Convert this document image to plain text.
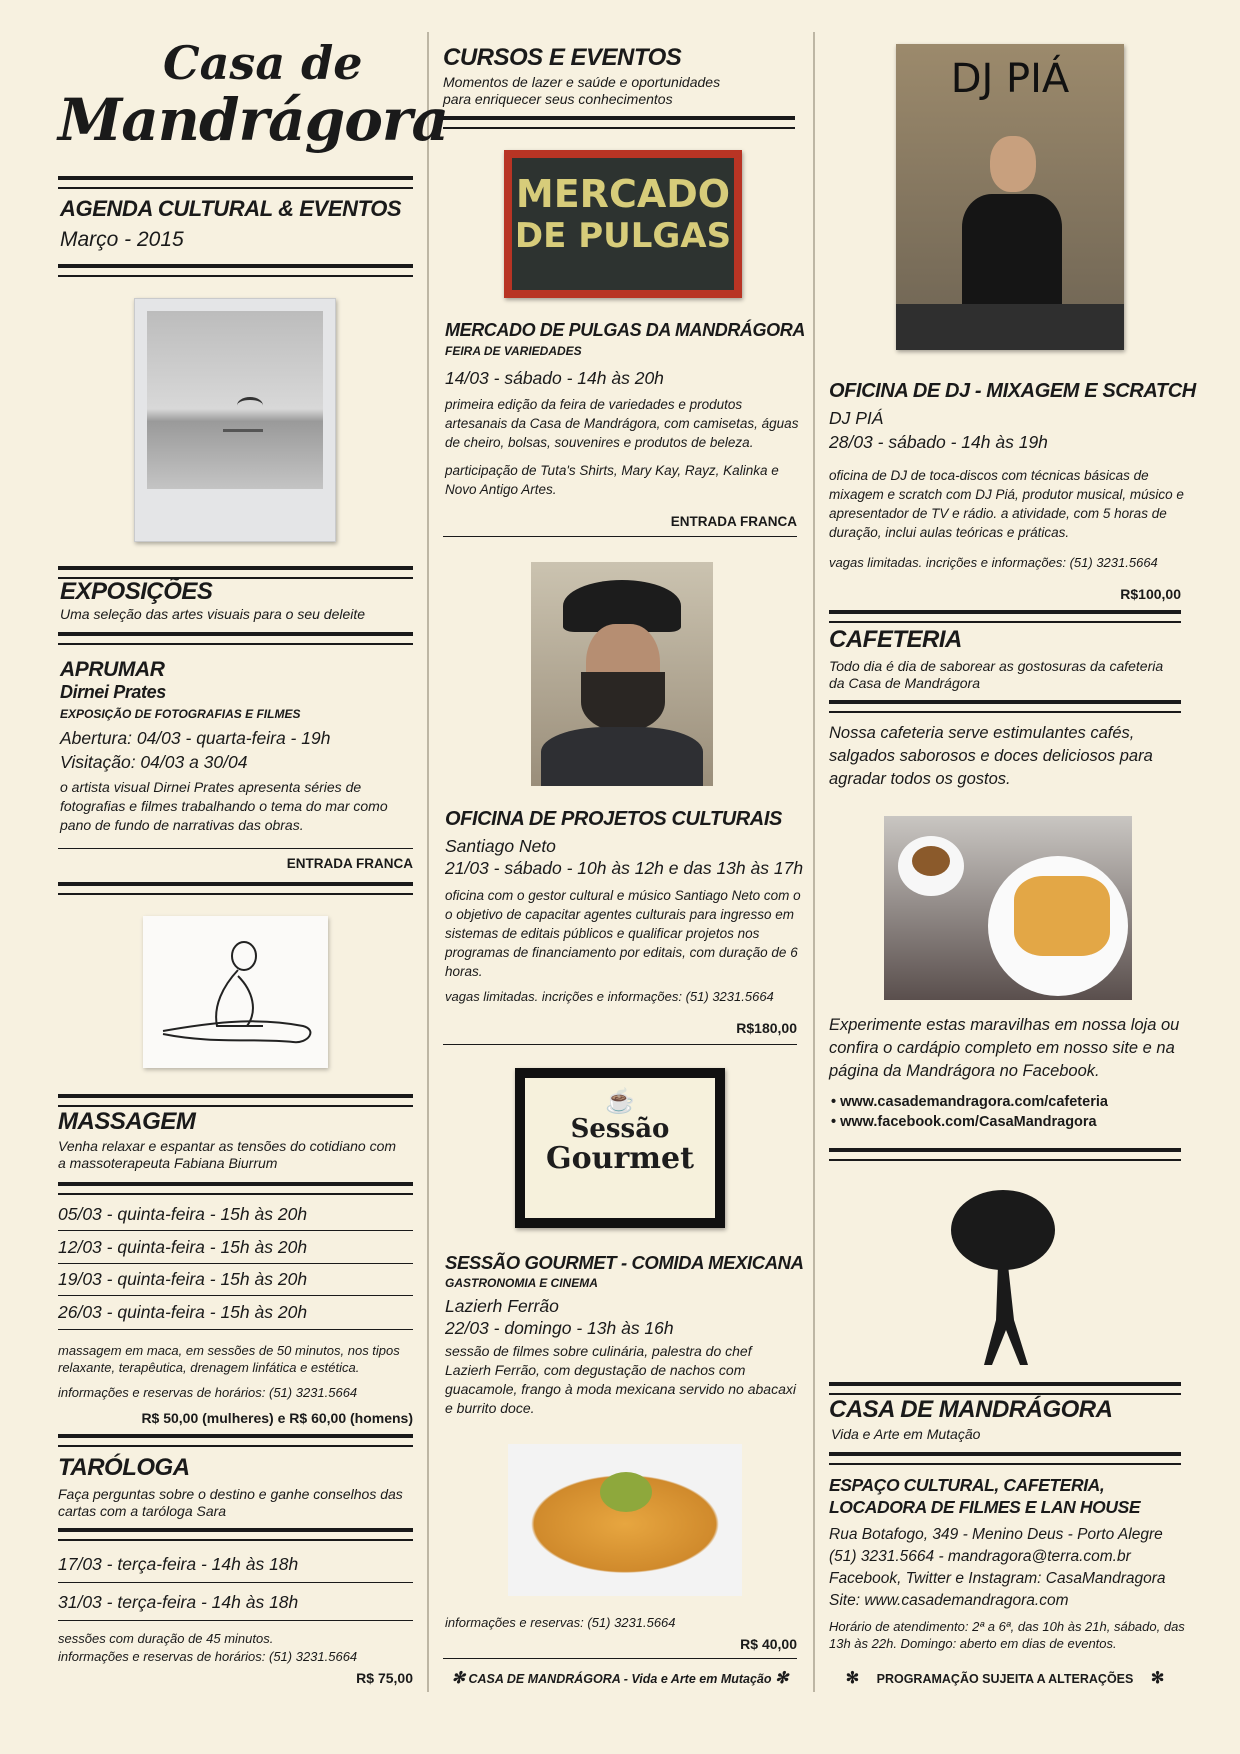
Casa de
Mandrágora
AGENDA CULTURAL & EVENTOS
Março - 2015
EXPOSIÇÕES
Uma seleção das artes visuais para o seu deleite
APRUMAR
Dirnei Prates
EXPOSIÇÃO DE FOTOGRAFIAS E FILMES
Abertura: 04/03 - quarta-feira - 19h
Visitação: 04/03 a 30/04
o artista visual Dirnei Prates apresenta séries de fotografias e filmes trabalhando o tema do mar como pano de fundo de narrativas das obras.
ENTRADA FRANCA
MASSAGEM
Venha relaxar e espantar as tensões do cotidiano com a massoterapeuta Fabiana Biurrum
05/03 - quinta-feira - 15h às 20h
12/03 - quinta-feira - 15h às 20h
19/03 - quinta-feira - 15h às 20h
26/03 - quinta-feira - 15h às 20h
massagem em maca, em sessões de 50 minutos, nos tipos relaxante, terapêutica, drenagem linfática e estética.
informações e reservas de horários: (51) 3231.5664
R$ 50,00 (mulheres) e R$ 60,00 (homens)
TARÓLOGA
Faça perguntas sobre o destino e ganhe conselhos das cartas com a taróloga Sara
17/03 - terça-feira - 14h às 18h
31/03 - terça-feira - 14h às 18h
sessões com duração de 45 minutos.
informações e reservas de horários: (51) 3231.5664
R$ 75,00
CURSOS E EVENTOS
Momentos de lazer e saúde e oportunidades para enriquecer seus conhecimentos
MERCADO
DE PULGAS
MERCADO DE PULGAS DA MANDRÁGORA
FEIRA DE VARIEDADES
14/03 - sábado - 14h às 20h
primeira edição da feira de variedades e produtos artesanais da Casa de Mandrágora, com camisetas, águas de cheiro, bolsas, souvenires e produtos de beleza.
participação de Tuta's Shirts, Mary Kay, Rayz, Kalinka e Novo Antigo Artes.
ENTRADA FRANCA
OFICINA DE PROJETOS CULTURAIS
Santiago Neto
21/03 - sábado - 10h às 12h e das 13h às 17h
oficina com o gestor cultural e músico Santiago Neto com o o objetivo de capacitar agentes culturais para ingresso em sistemas de editais públicos e qualificar projetos nos programas de financiamento por editais, com duração de 6 horas.
vagas limitadas. incrições e informações: (51) 3231.5664
R$180,00
☕
Sessão
Gourmet
SESSÃO GOURMET - COMIDA MEXICANA
GASTRONOMIA E CINEMA
Lazierh Ferrão
22/03 - domingo - 13h às 16h
sessão de filmes sobre culinária, palestra do chef Lazierh Ferrão, com degustação de nachos com guacamole, frango à moda mexicana servido no abacaxi e burrito doce.
informações e reservas: (51) 3231.5664
R$ 40,00
✻ CASA DE MANDRÁGORA - Vida e Arte em Mutação ✻
DJ PIÁ
OFICINA DE DJ - MIXAGEM E SCRATCH
DJ PIÁ
28/03 - sábado - 14h às 19h
oficina de DJ de toca-discos com técnicas básicas de mixagem e scratch com DJ Piá, produtor musical, músico e apresentador de TV e rádio. a atividade, com 5 horas de duração, inclui aulas teóricas e práticas.
vagas limitadas. incrições e informações: (51) 3231.5664
R$100,00
CAFETERIA
Todo dia é dia de saborear as gostosuras da cafeteria da Casa de Mandrágora
Nossa cafeteria serve estimulantes cafés, salgados saborosos e doces deliciosos para agradar todos os gostos.
Experimente estas maravilhas em nossa loja ou confira o cardápio completo em nosso site e na página da Mandrágora no Facebook.
• www.casademandragora.com/cafeteria
• www.facebook.com/CasaMandragora
CASA DE MANDRÁGORA
Vida e Arte em Mutação
ESPAÇO CULTURAL, CAFETERIA, LOCADORA DE FILMES E LAN HOUSE
Rua Botafogo, 349 - Menino Deus - Porto Alegre
(51) 3231.5664 - mandragora@terra.com.br
Facebook, Twitter e Instagram: CasaMandragora
Site: www.casademandragora.com
Horário de atendimento: 2ª a 6ª, das 10h às 21h, sábado, das 13h às 22h. Domingo: aberto em dias de eventos.
✻ PROGRAMAÇÃO SUJEITA A ALTERAÇÕES ✻
